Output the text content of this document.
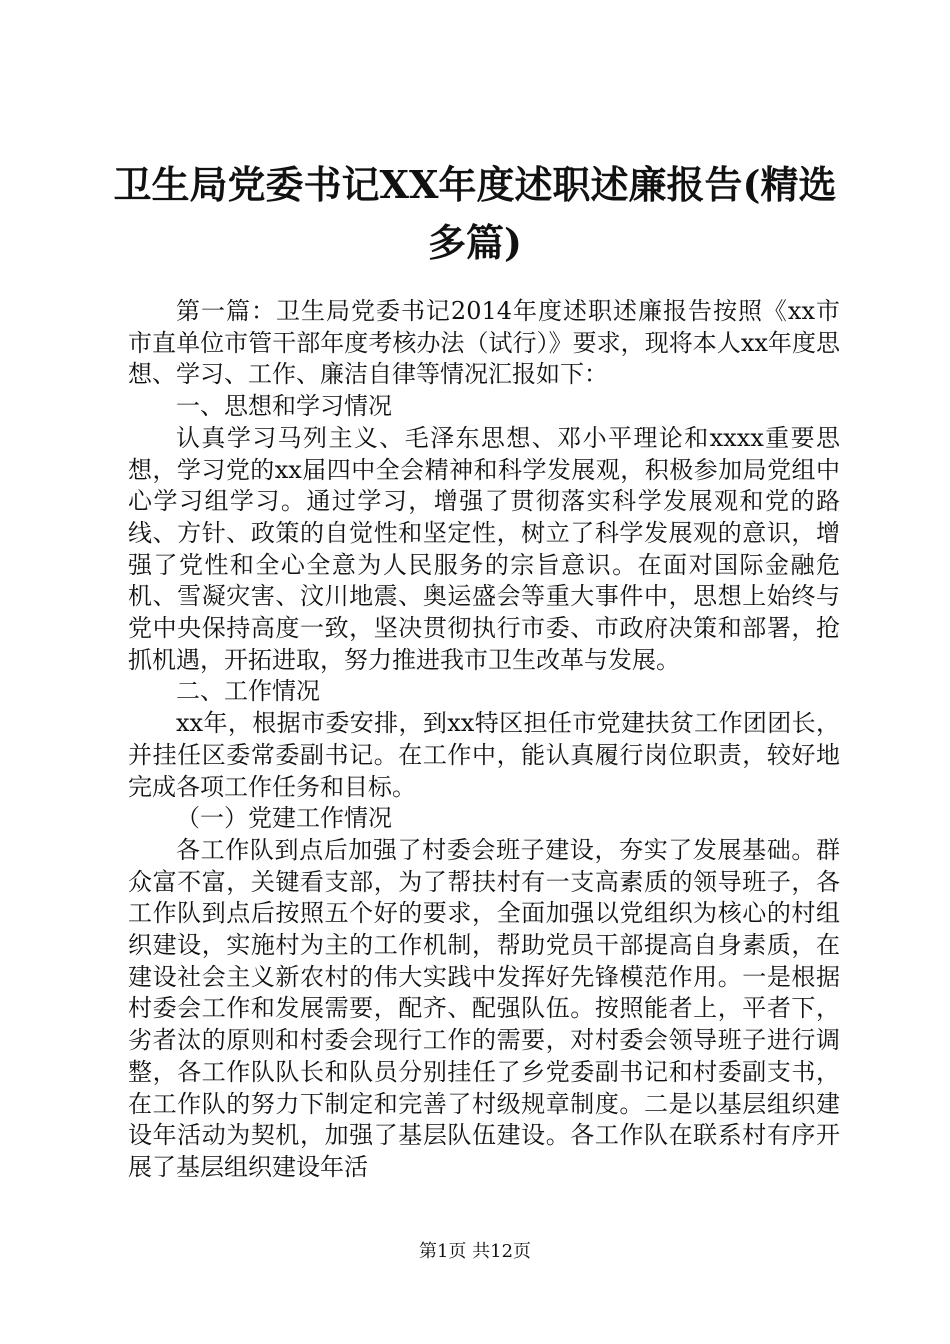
卫生局党委书记XX年度述职述廉报告(精选多篇)

第一篇：卫生局党委书记2014年度述职述廉报告按照《xx市市直单位市管干部年度考核办法（试行）》要求，现将本人xx年度思想、学习、工作、廉洁自律等情况汇报如下：

一、思想和学习情况

认真学习马列主义、毛泽东思想、邓小平理论和xxxx重要思想，学习党的xx届四中全会精神和科学发展观，积极参加局党组中心学习组学习。通过学习，增强了贯彻落实科学发展观和党的路线、方针、政策的自觉性和坚定性，树立了科学发展观的意识，增强了党性和全心全意为人民服务的宗旨意识。在面对国际金融危机、雪凝灾害、汶川地震、奥运盛会等重大事件中，思想上始终与党中央保持高度一致，坚决贯彻执行市委、市政府决策和部署，抢抓机遇，开拓进取，努力推进我市卫生改革与发展。

二、工作情况

xx年，根据市委安排，到xx特区担任市党建扶贫工作团团长，并挂任区委常委副书记。在工作中，能认真履行岗位职责，较好地完成各项工作任务和目标。

（一）党建工作情况

各工作队到点后加强了村委会班子建设，夯实了发展基础。群众富不富，关键看支部，为了帮扶村有一支高素质的领导班子，各工作队到点后按照五个好的要求，全面加强以党组织为核心的村组织建设，实施村为主的工作机制，帮助党员干部提高自身素质，在建设社会主义新农村的伟大实践中发挥好先锋模范作用。一是根据村委会工作和发展需要，配齐、配强队伍。按照能者上，平者下，劣者汰的原则和村委会现行工作的需要，对村委会领导班子进行调整，各工作队队长和队员分别挂任了乡党委副书记和村委副支书，在工作队的努力下制定和完善了村级规章制度。二是以基层组织建设年活动为契机，加强了基层队伍建设。各工作队在联系村有序开展了基层组织建设年活

第1页 共12页
